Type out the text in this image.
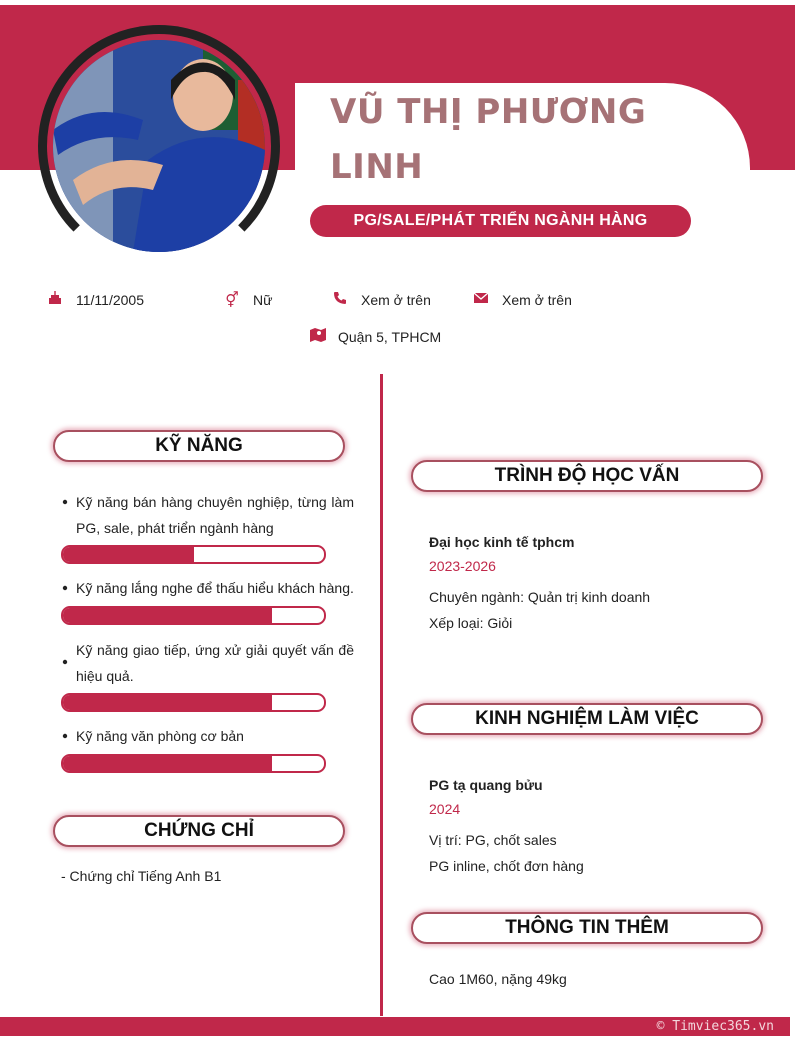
VŨ THỊ PHƯƠNG LINH
PG/SALE/PHÁT TRIỂN NGÀNH HÀNG
11/11/2005	⚥ Nữ	Xem ở trên	Xem ở trên
Quận 5, TPHCM
KỸ NĂNG
Kỹ năng bán hàng chuyên nghiệp, từng làm PG, sale, phát triển ngành hàng
Kỹ năng lắng nghe để thấu hiểu khách hàng.
Kỹ năng giao tiếp, ứng xử giải quyết vấn đề hiệu quả.
Kỹ năng văn phòng cơ bản
CHỨNG CHỈ
- Chứng chỉ Tiếng Anh B1
TRÌNH ĐỘ HỌC VẤN
Đại học kinh tế tphcm
2023-2026
Chuyên ngành: Quản trị kinh doanh
Xếp loại: Giỏi
KINH NGHIỆM LÀM VIỆC
PG tạ quang bửu
2024
Vị trí: PG, chốt sales
PG inline, chốt đơn hàng
THÔNG TIN THÊM
Cao 1M60, nặng 49kg
© Timviec365.vn
